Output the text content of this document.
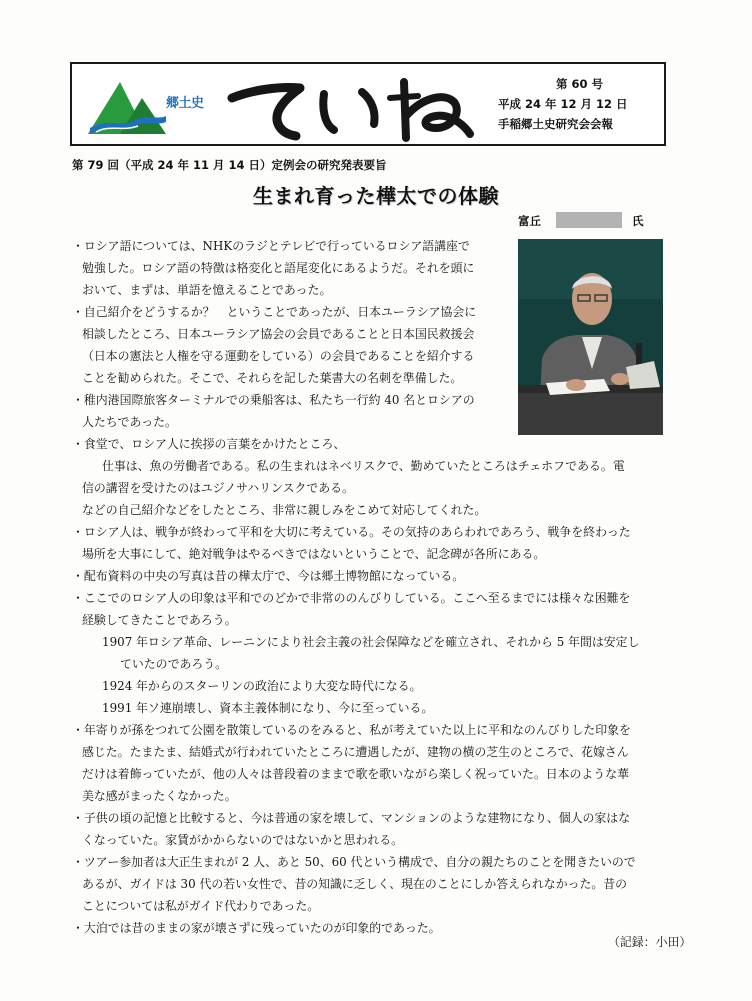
郷土史
第 60 号
平成 24 年 12 月 12 日
手稲郷土史研究会会報
第 79 回（平成 24 年 11 月 14 日）定例会の研究発表要旨
生まれ育った樺太での体験
富丘	氏
・ロシア語については、NHKのラジとテレビで行っているロシア語講座で
勉強した。ロシア語の特徴は格変化と語尾変化にあるようだ。それを頭に
おいて、まずは、単語を憶えることであった。
・自己紹介をどうするか？　ということであったが、日本ユーラシア協会に
相談したところ、日本ユーラシア協会の会員であることと日本国民救援会
（日本の憲法と人権を守る運動をしている）の会員であることを紹介する
ことを勧められた。そこで、それらを記した葉書大の名刺を準備した。
・稚内港国際旅客ターミナルでの乗船客は、私たち一行約 40 名とロシアの
人たちであった。
・食堂で、ロシア人に挨拶の言葉をかけたところ、
仕事は、魚の労働者である。私の生まれはネベリスクで、勤めていたところはチェホフである。電
信の講習を受けたのはユジノサハリンスクである。
などの自己紹介などをしたところ、非常に親しみをこめて対応してくれた。
・ロシア人は、戦争が終わって平和を大切に考えている。その気持のあらわれであろう、戦争を終わった
場所を大事にして、絶対戦争はやるべきではないということで、記念碑が各所にある。
・配布資料の中央の写真は昔の樺太庁で、今は郷土博物館になっている。
・ここでのロシア人の印象は平和でのどかで非常ののんびりしている。ここへ至るまでには様々な困難を
経験してきたことであろう。
1907 年ロシア革命、レーニンにより社会主義の社会保障などを確立され、それから 5 年間は安定し
ていたのであろう。
1924 年からのスターリンの政治により大変な時代になる。
1991 年ソ連崩壊し、資本主義体制になり、今に至っている。
・年寄りが孫をつれて公園を散策しているのをみると、私が考えていた以上に平和なのんびりした印象を
感じた。たまたま、結婚式が行われていたところに遭遇したが、建物の横の芝生のところで、花嫁さん
だけは着飾っていたが、他の人々は普段着のままで歌を歌いながら楽しく祝っていた。日本のような華
美な感がまったくなかった。
・子供の頃の記憶と比較すると、今は普通の家を壊して、マンションのような建物になり、個人の家はな
くなっていた。家賃がかからないのではないかと思われる。
・ツアー参加者は大正生まれが 2 人、あと 50、60 代という構成で、自分の親たちのことを聞きたいので
あるが、ガイドは 30 代の若い女性で、昔の知識に乏しく、現在のことにしか答えられなかった。昔の
ことについては私がガイド代わりであった。
・大泊では昔のままの家が壊さずに残っていたのが印象的であった。
（記録：小田）
